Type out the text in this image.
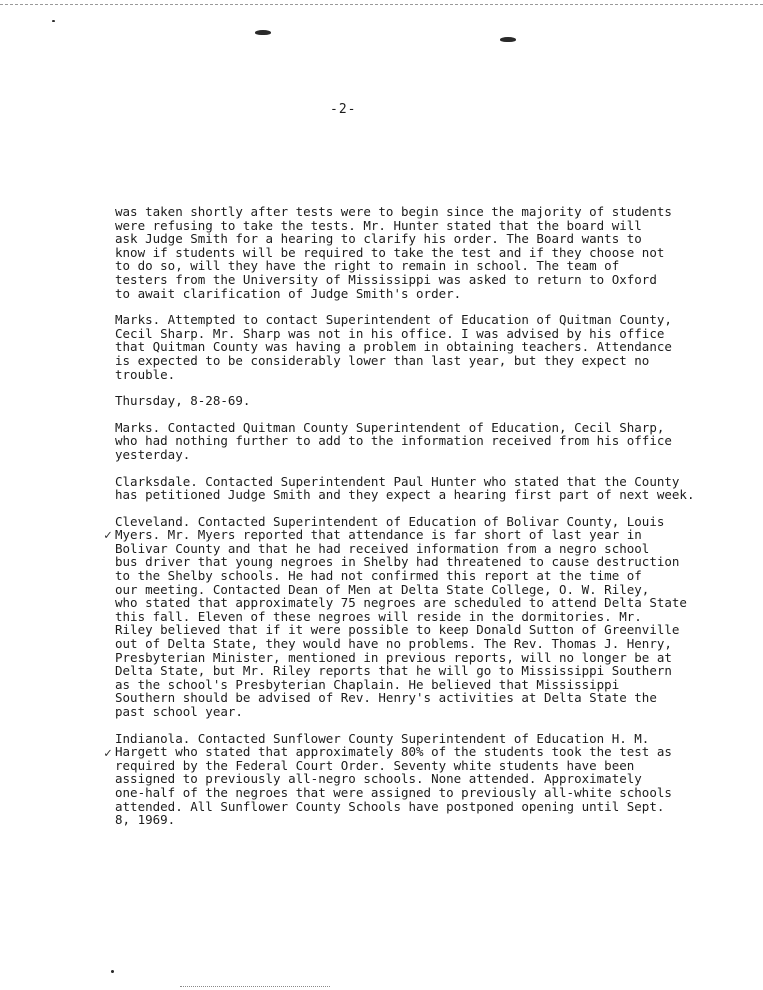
-2-
✓
✓
was taken shortly after tests were to begin since the majority of students
were refusing to take the tests. Mr. Hunter stated that the board will
ask Judge Smith for a hearing to clarify his order. The Board wants to
know if students will be required to take the test and if they choose not
to do so, will they have the right to remain in school. The team of
testers from the University of Mississippi was asked to return to Oxford
to await clarification of Judge Smith's order.
Marks. Attempted to contact Superintendent of Education of Quitman County,
Cecil Sharp. Mr. Sharp was not in his office. I was advised by his office
that Quitman County was having a problem in obtaining teachers. Attendance
is expected to be considerably lower than last year, but they expect no
trouble.
Thursday, 8-28-69.
Marks. Contacted Quitman County Superintendent of Education, Cecil Sharp,
who had nothing further to add to the information received from his office
yesterday.
Clarksdale. Contacted Superintendent Paul Hunter who stated that the County
has petitioned Judge Smith and they expect a hearing first part of next week.
Cleveland. Contacted Superintendent of Education of Bolivar County, Louis
Myers. Mr. Myers reported that attendance is far short of last year in
Bolivar County and that he had received information from a negro school
bus driver that young negroes in Shelby had threatened to cause destruction
to the Shelby schools. He had not confirmed this report at the time of
our meeting. Contacted Dean of Men at Delta State College, O. W. Riley,
who stated that approximately 75 negroes are scheduled to attend Delta State
this fall. Eleven of these negroes will reside in the dormitories. Mr.
Riley believed that if it were possible to keep Donald Sutton of Greenville
out of Delta State, they would have no problems. The Rev. Thomas J. Henry,
Presbyterian Minister, mentioned in previous reports, will no longer be at
Delta State, but Mr. Riley reports that he will go to Mississippi Southern
as the school's Presbyterian Chaplain. He believed that Mississippi
Southern should be advised of Rev. Henry's activities at Delta State the
past school year.
Indianola. Contacted Sunflower County Superintendent of Education H. M.
Hargett who stated that approximately 80% of the students took the test as
required by the Federal Court Order. Seventy white students have been
assigned to previously all-negro schools. None attended. Approximately
one-half of the negroes that were assigned to previously all-white schools
attended. All Sunflower County Schools have postponed opening until Sept.
8, 1969.
